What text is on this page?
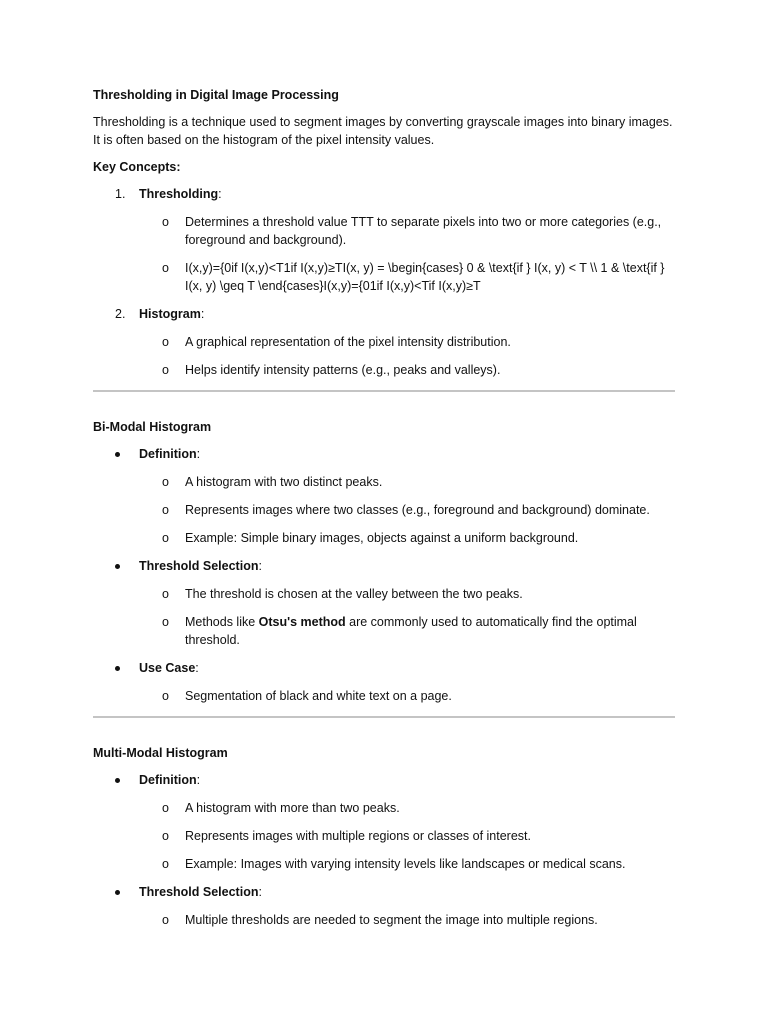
Thresholding in Digital Image Processing
Thresholding is a technique used to segment images by converting grayscale images into binary images. It is often based on the histogram of the pixel intensity values.
Key Concepts:
1. Thresholding:
o Determines a threshold value TTT to separate pixels into two or more categories (e.g., foreground and background).
o I(x,y)={0if I(x,y)<T1if I(x,y)≥TI(x, y) = \begin{cases} 0 & \text{if } I(x, y) < T \\ 1 & \text{if } I(x, y) \geq T \end{cases}I(x,y)={01if I(x,y)<Tif I(x,y)≥T
2. Histogram:
o A graphical representation of the pixel intensity distribution.
o Helps identify intensity patterns (e.g., peaks and valleys).
Bi-Modal Histogram
Definition:
o A histogram with two distinct peaks.
o Represents images where two classes (e.g., foreground and background) dominate.
o Example: Simple binary images, objects against a uniform background.
Threshold Selection:
o The threshold is chosen at the valley between the two peaks.
o Methods like Otsu's method are commonly used to automatically find the optimal threshold.
Use Case:
o Segmentation of black and white text on a page.
Multi-Modal Histogram
Definition:
o A histogram with more than two peaks.
o Represents images with multiple regions or classes of interest.
o Example: Images with varying intensity levels like landscapes or medical scans.
Threshold Selection:
o Multiple thresholds are needed to segment the image into multiple regions.
